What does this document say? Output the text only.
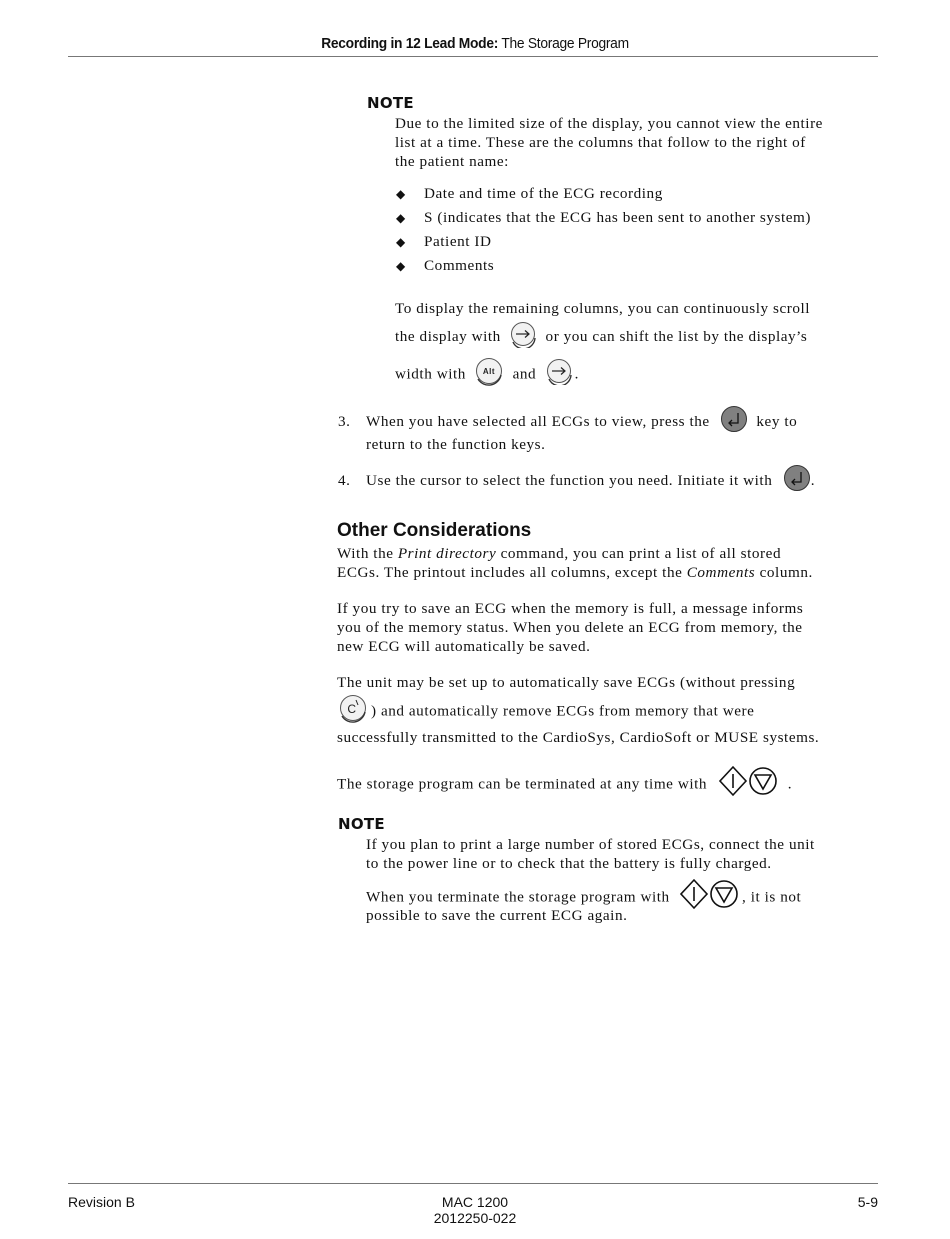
Recording in 12 Lead Mode: The Storage Program
NOTE
Due to the limited size of the display, you cannot view the entire
list at a time. These are the columns that follow to the right of
the patient name:
◆ Date and time of the ECG recording
◆ S (indicates that the ECG has been sent to another system)
◆ Patient ID
◆ Comments
To display the remaining columns, you can continuously scroll
the display with	or you can shift the list by the display’s
width with Alt and	.
3. When you have selected all ECGs to view, press the	key to
return to the function keys.
4. Use the cursor to select the function you need. Initiate it with	.
Other Considerations
With the Print directory command, you can print a list of all stored
ECGs. The printout includes all columns, except the Comments column.
If you try to save an ECG when the memory is full, a message informs
you of the memory status. When you delete an ECG from memory, the
new ECG will automatically be saved.
The unit may be set up to automatically save ECGs (without pressing
C ) and automatically remove ECGs from memory that were
successfully transmitted to the CardioSys, CardioSoft or MUSE systems.
The storage program can be terminated at any time with	.
NOTE
If you plan to print a large number of stored ECGs, connect the unit
to the power line or to check that the battery is fully charged.
When you terminate the storage program with	, it is not
possible to save the current ECG again.
Revision B	MAC 1200
2012250-022
5-9
